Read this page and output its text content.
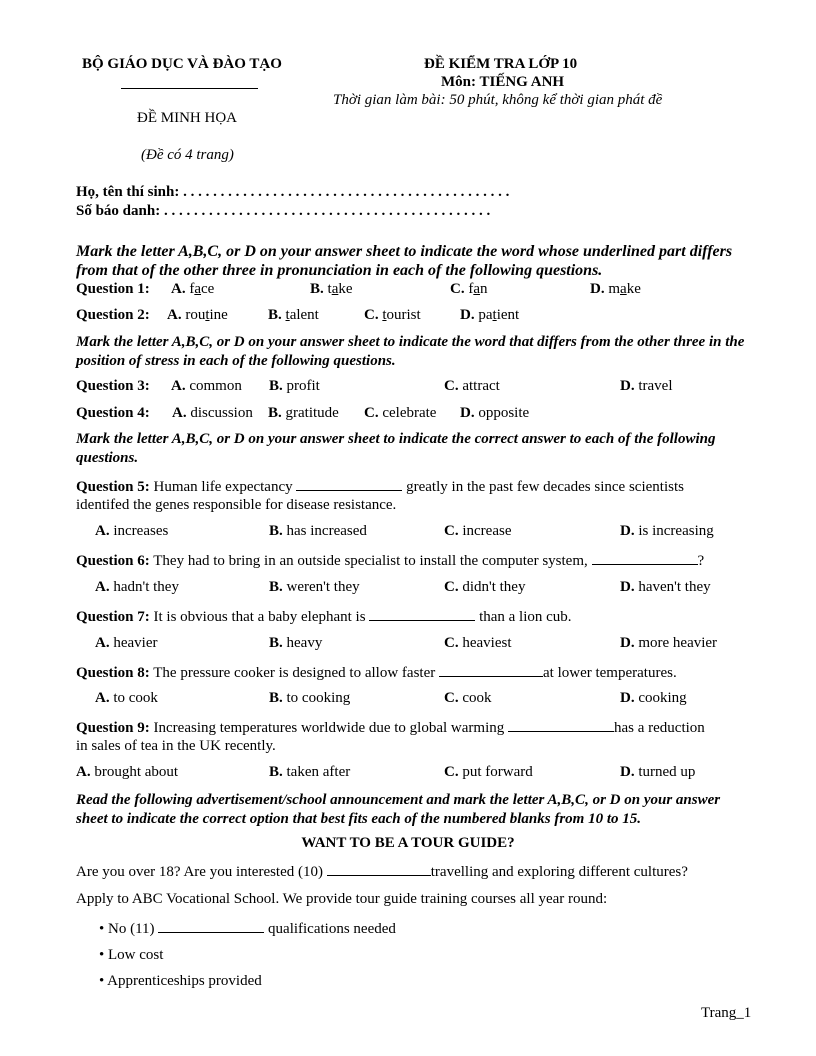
BỘ GIÁO DỤC VÀ ĐÀO TẠO
ĐỀ MINH HỌA
(Đề có 4 trang)
ĐỀ KIỂM TRA LỚP 10
Môn: TIẾNG ANH
Thời gian làm bài: 50 phút, không kể thời gian phát đề
Họ, tên thí sinh: . . . . . . . . . . . . . . . . . . . . . . . . . . . . . . . . . . . . . . . . . . . .
Số báo danh: . . . . . . . . . . . . . . . . . . . . . . . . . . . . . . . . . . . . . . . . . . . .
Mark the letter A,B,C, or D on your answer sheet to indicate the word whose underlined part differs from that of the other three in pronunciation in each of the following questions.
Question 1: A. face	B. take	C. fan	D. make
Question 2: A. routine	B. talent	C. tourist	D. patient
Mark the letter A,B,C, or D on your answer sheet to indicate the word that differs from the other three in the position of stress in each of the following questions.
Question 3: A. common B. profit	C. attract	D. travel
Question 4: A. discussion B. gratitude C. celebrate D. opposite
Mark the letter A,B,C, or D on your answer sheet to indicate the correct answer to each of the following questions.
Question 5: Human life expectancy	greatly in the past few decades since scientists
identifed the genes responsible for disease resistance.
A. increases	B. has increased	C. increase	D. is increasing
Question 6: They had to bring in an outside specialist to install the computer system,	?
A. hadn't they	B. weren't they	C. didn't they	D. haven't they
Question 7: It is obvious that a baby elephant is	than a lion cub.
A. heavier	B. heavy	C. heaviest	D. more heavier
Question 8: The pressure cooker is designed to allow faster	at lower temperatures.
A. to cook	B. to cooking	C. cook	D. cooking
Question 9: Increasing temperatures worldwide due to global warming	has a reduction
in sales of tea in the UK recently.
A. brought about	B. taken after	C. put forward	D. turned up
Read the following advertisement/school announcement and mark the letter A,B,C, or D on your answer sheet to indicate the correct option that best fits each of the numbered blanks from 10 to 15.
WANT TO BE A TOUR GUIDE?
Are you over 18? Are you interested (10)	travelling and exploring different cultures?
Apply to ABC Vocational School. We provide tour guide training courses all year round:
• No (11)	qualifications needed
• Low cost
• Apprenticeships provided
Trang_1
